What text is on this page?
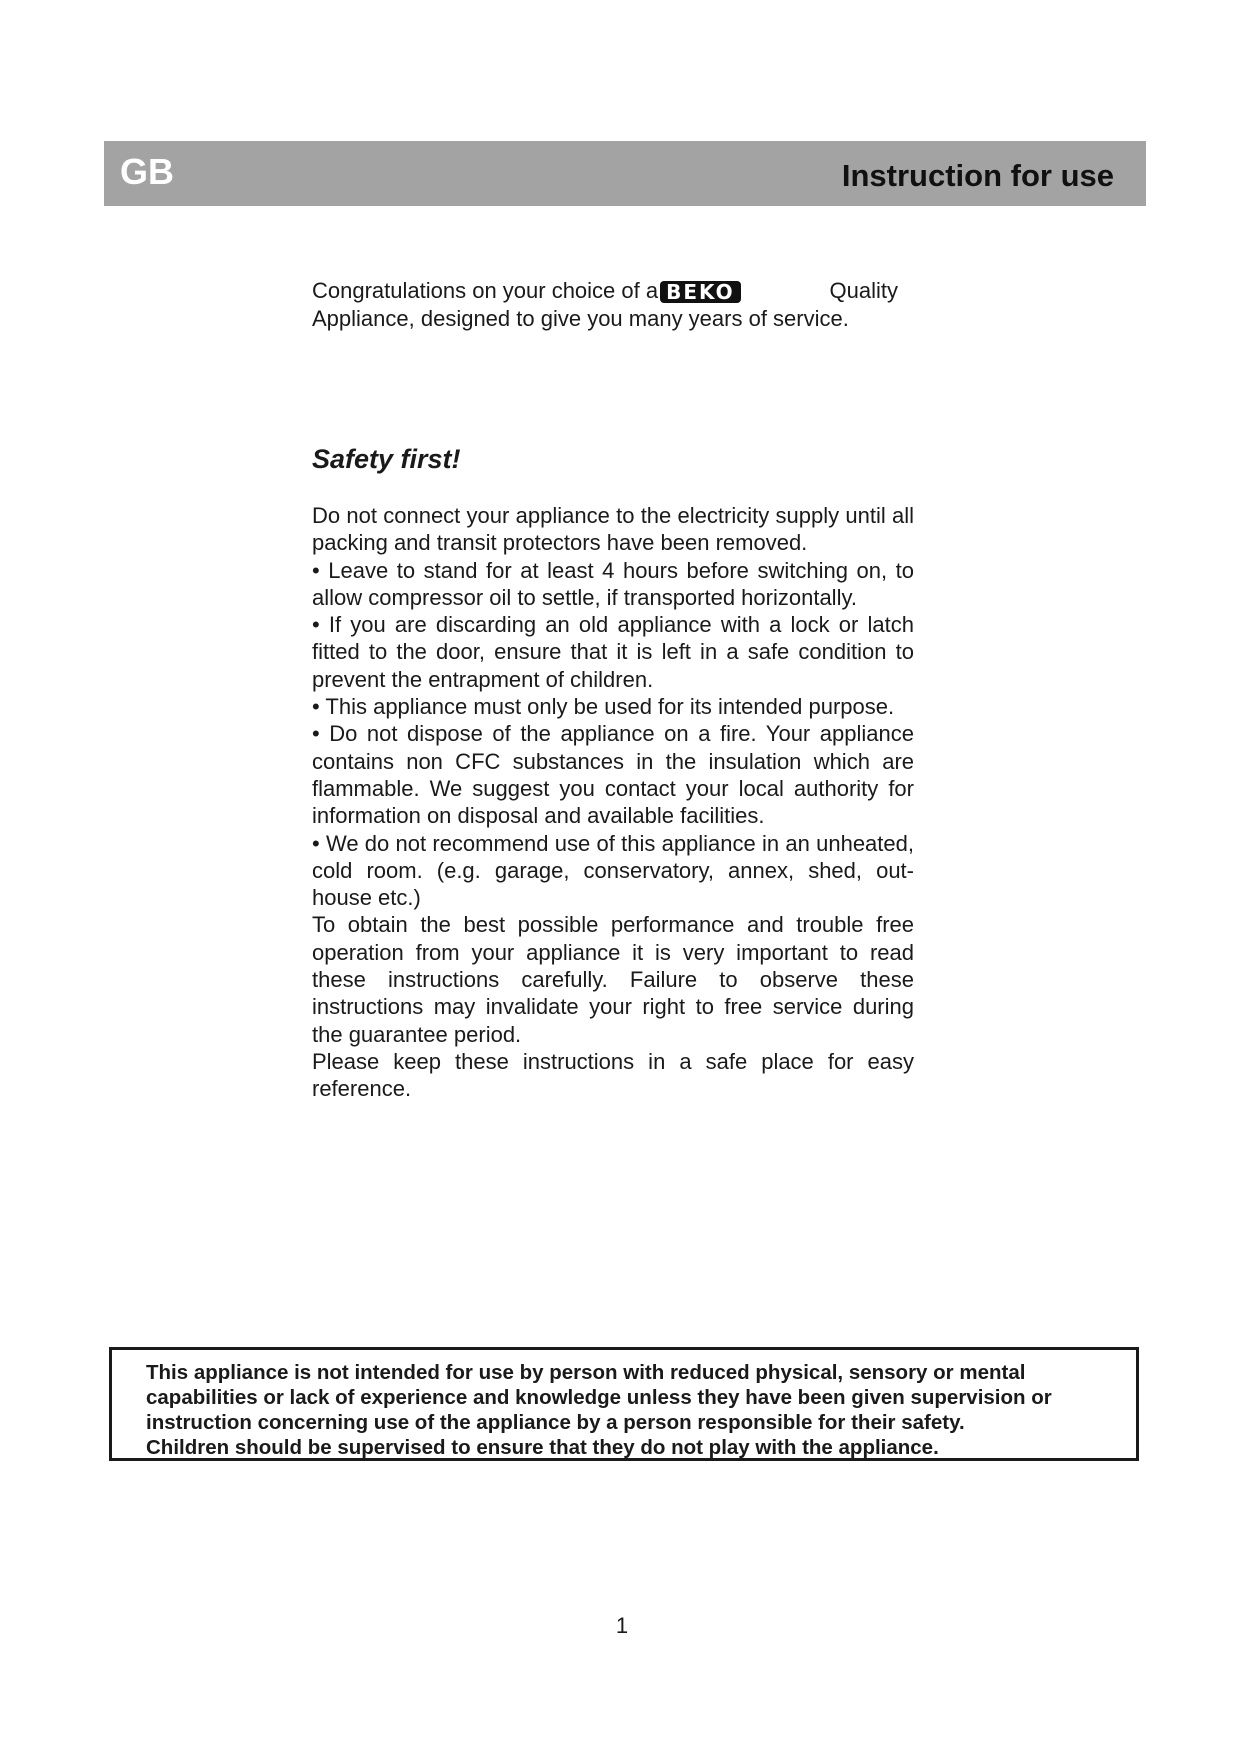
GB	Instruction for use
Congratulations on your choice of a BEKO	Quality
Appliance, designed to give you many years of service.
Safety first!

Do not connect your appliance to the electricity supply until all packing and transit protectors have been removed.

• Leave to stand for at least 4 hours before switching on, to allow compressor oil to settle, if transported horizontally.

• If you are discarding an old appliance with a lock or latch fitted to the door, ensure that it is left in a safe condition to prevent the entrapment of children.

• This appliance must only be used for its intended purpose.

• Do not dispose of the appliance on a fire. Your appliance contains non CFC substances in the insulation which are flammable. We suggest you contact your local authority for information on disposal and available facilities.

• We do not recommend use of this appliance in an unheated, cold room. (e.g. garage, conservatory, annex, shed, out-house etc.)

To obtain the best possible performance and trouble free operation from your appliance it is very important to read these instructions carefully. Failure to observe these instructions may invalidate your right to free service during the guarantee period.

Please keep these instructions in a safe place for easy reference.

This appliance is not intended for use by person with reduced physical, sensory or mental capabilities or lack of experience and knowledge unless they have been given supervision or instruction concerning use of the appliance by a person responsible for their safety.

Children should be supervised to ensure that they do not play with the appliance.

1
